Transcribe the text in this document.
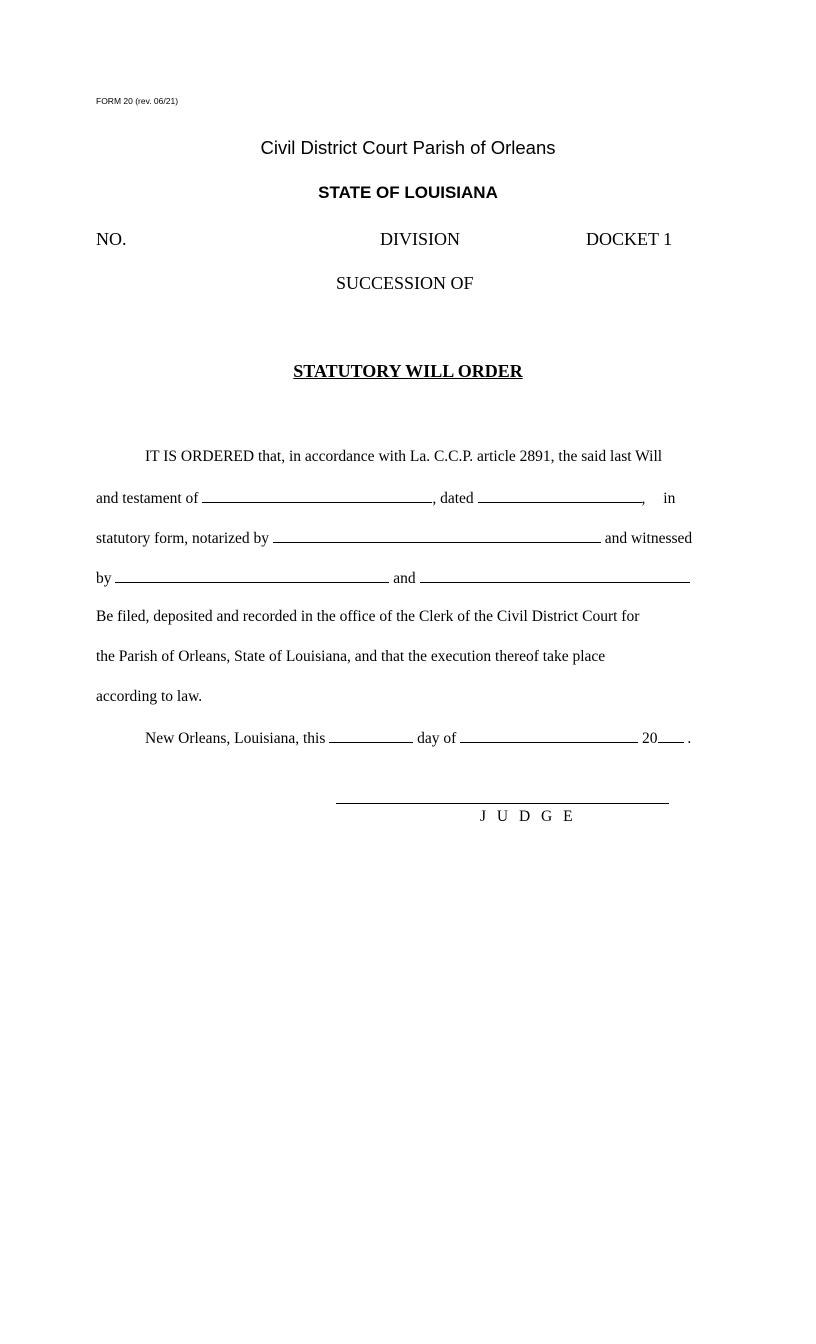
FORM 20 (rev. 06/21)
Civil District Court Parish of Orleans
STATE OF LOUISIANA
NO.	DIVISION	DOCKET 1
SUCCESSION OF
STATUTORY WILL ORDER
IT IS ORDERED that, in accordance with La. C.C.P. article 2891, the said last Will
and testament of	, dated	, in
statutory form, notarized by	and witnessed
by	and
Be filed, deposited and recorded in the office of the Clerk of the Civil District Court for
the Parish of Orleans, State of Louisiana, and that the execution thereof take place
according to law.
New Orleans, Louisiana, this	day of	20 .
J U D G E
